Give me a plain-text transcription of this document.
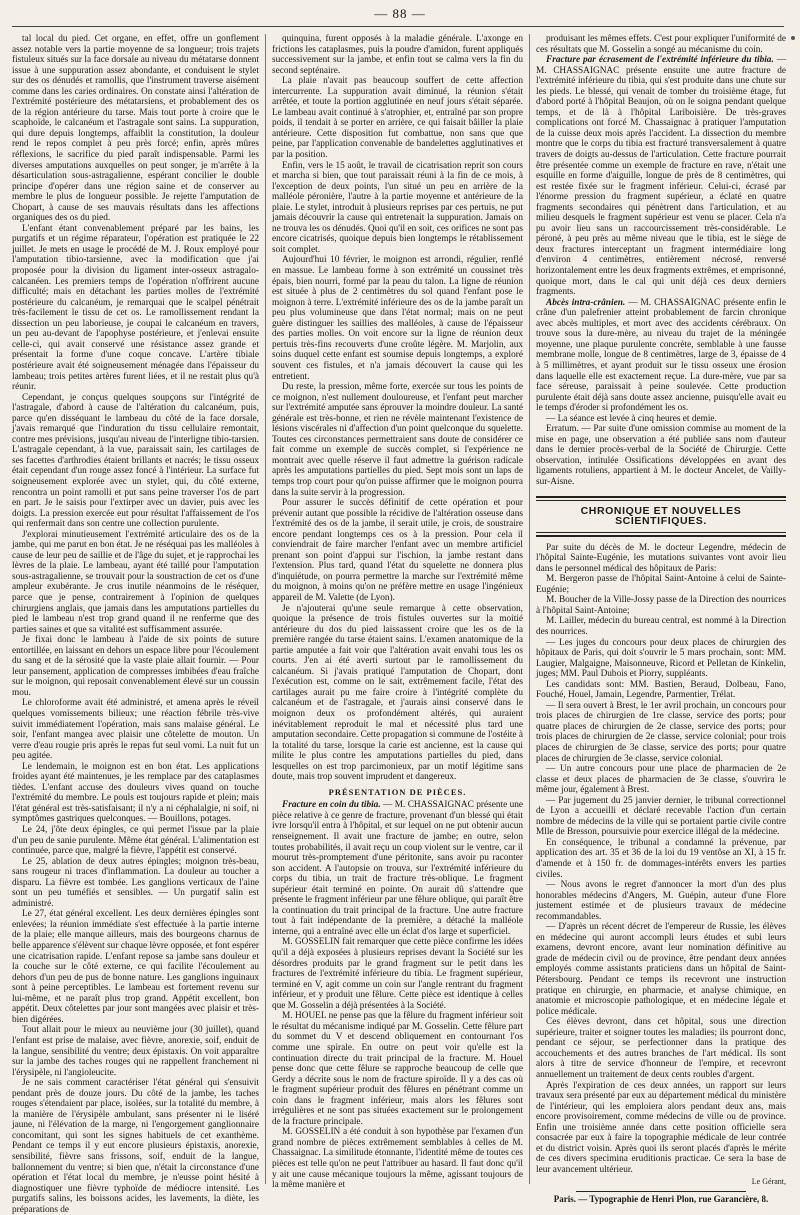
— 88 —

tal local du pied. Cet organe, en effet, offre un gonflement assez notable vers la partie moyenne de sa longueur; trois trajets fistuleux situés sur la face dorsale au niveau du métatarse donnent issue à une suppuration assez abondante, et conduisent le stylet sur des os dénudés et ramollis, que l'instrument traverse aisément comme dans les caries ordinaires. On constate ainsi l'altération de l'extrémité postérieure des métatarsiens, et probablement des os de la région antérieure du tarse. Mais tout porte à croire que le scaphoïde, le calcanéum et l'astragale sont sains. La suppuration, qui dure depuis longtemps, affaiblit la constitution, la douleur rend le repos complet à peu près forcé; enfin, après mûres réflexions, le sacrifice du pied paraît indispensable. Parmi les diverses amputations auxquelles on peut songer, je m'arrête à la désarticulation sous-astragalienne, espérant concilier le double principe d'opérer dans une région saine et de conserver au membre le plus de longueur possible. Je rejette l'amputation de Chopart, à cause de ses mauvais résultats dans les affections organiques des os du pied.

L'enfant étant convenablement préparé par les bains, les purgatifs et un régime réparateur, l'opération est pratiquée le 22 juillet. Je mets en usage le procédé de M. J. Roux employé pour l'amputation tibio-tarsienne, avec la modification que j'ai proposée pour la division du ligament inter-osseux astragalo-calcanéen. Les premiers temps de l'opération n'offrirent aucune difficulté; mais en détachant les parties molles de l'extrémité postérieure du calcanéum, je remarquai que le scalpel pénétrait très-facilement le tissu de cet os. Le ramollissement rendant la dissection un peu laborieuse, je coupai le calcanéum en travers, un peu au-devant de l'apophyse postérieure, et j'enlevai ensuite celle-ci, qui avait conservé une résistance assez grande et présentait la forme d'une coque concave. L'artère tibiale postérieure avait été soigneusement ménagée dans l'épaisseur du lambeau; trois petites artères furent liées, et il ne restait plus qu'à réunir.

Cependant, je conçus quelques soupçons sur l'intégrité de l'astragale, d'abord à cause de l'altération du calcanéum, puis, parce qu'en disséquant le lambeau du côté de la face dorsale, j'avais remarqué que l'induration du tissu cellulaire remontait, contre mes prévisions, jusqu'au niveau de l'interligne tibio-tarsien. L'astragale cependant, à la vue, paraissait sain, les cartilages de ses facettes d'arthrodies étaient brillants et nacrés; le tissu osseux était cependant d'un rouge assez foncé à l'intérieur. La surface fut soigneusement explorée avec un stylet, qui, du côté externe, rencontra un point ramolli et put sans peine traverser l'os de part en part. Je le saisis pour l'extirper avec un davier, puis avec les doigts. La pression exercée eut pour résultat l'affaissement de l'os qui renfermait dans son centre une collection purulente.

J'explorai minutieusement l'extrémité articulaire des os de la jambe, qui me parut en bon état. Je ne réséquai pas les malléoles à cause de leur peu de saillie et de l'âge du sujet, et je rapprochai les lèvres de la plaie. Le lambeau, ayant été taillé pour l'amputation sous-astragalienne, se trouvait pour la soustraction de cet os d'une ampleur exubérante. Je crus inutile néanmoins de le réséquer, parce que je pense, contrairement à l'opinion de quelques chirurgiens anglais, que jamais dans les amputations partielles du pied le lambeau n'est trop grand quand il ne renferme que des parties saines et que sa vitalité est suffisamment assurée.

Je fixai donc le lambeau à l'aide de six points de suture entortillée, en laissant en dehors un espace libre pour l'écoulement du sang et de la sérosité que la vaste plaie allait fournir. — Pour leur pansement, application de compresses imbibées d'eau fraîche sur le moignon, qui reposait convenablement élevé sur un coussin mou.

Le chloroforme avait été administré, et amena après le réveil quelques vomissements bilieux; une réaction fébrile très-vive suivit immédiatement l'opération, mais sans malaise général. Le soir, l'enfant mangea avec plaisir une côtelette de mouton. Un verre d'eau rougie pris après le repas fut seul vomi. La nuit fut un peu agitée.

Le lendemain, le moignon est en bon état. Les applications froides ayant été maintenues, je les remplace par des cataplasmes tièdes. L'enfant accuse des douleurs vives quand on touche l'extrémité du membre. Le pouls est toujours rapide et plein; mais l'état général est très-satisfaisant; il n'y a ni céphalalgie, ni soif, ni symptômes gastriques quelconques. — Bouillons, potages.

Le 24, j'ôte deux épingles, ce qui permet l'issue par la plaie d'un peu de sanie purulente. Même état général. L'alimentation est continuée, parce que, malgré la fièvre, l'appétit est conservé.

Le 25, ablation de deux autres épingles; moignon très-beau, sans rougeur ni traces d'inflammation. La douleur au toucher a disparu. La fièvre est tombée. Les ganglions verticaux de l'aine sont un peu tuméfiés et sensibles. — Un purgatif salin est administré.

Le 27, état général excellent. Les deux dernières épingles sont enlevées; la réunion immédiate s'est effectuée à la partie interne de la plaie; elle manque ailleurs, mais des bourgeons charnus de belle apparence s'élèvent sur chaque lèvre opposée, et font espérer une cicatrisation rapide. L'enfant repose sa jambe sans douleur et la couche sur le côté externe, ce qui facilite l'écoulement au dehors d'un peu de pus de bonne nature. Les ganglions inguinaux sont à peine perceptibles. Le lambeau est fortement revenu sur lui-même, et ne paraît plus trop grand. Appétit excellent, bon appétit. Deux côtelettes par jour sont mangées avec plaisir et très-bien digérées.

Tout allait pour le mieux au neuvième jour (30 juillet), quand l'enfant est prise de malaise, avec fièvre, anorexie, soif, enduit de la langue, sensibilité du ventre; deux épistaxis. On voit apparaître sur la jambe des taches rouges qui ne rappellent franchement ni l'érysipèle, ni l'angioleucite.

Je ne sais comment caractériser l'état général qui s'ensuivit pendant près de douze jours. Du côté de la jambe, les taches rouges s'étendaient par place, isolées, sur la totalité du membre, à la manière de l'érysipèle ambulant, sans présenter ni le liséré jaune, ni l'élévation de la marge, ni l'engorgement ganglionnaire concomitant, qui sont les signes habituels de cet exanthème. Pendant ce temps il y eut encore plusieurs épistaxis, anorexie, sensibilité, fièvre sans frissons, soif, enduit de la langue, ballonnement du ventre; si bien que, n'était la circonstance d'une opération et l'état local du membre, je n'eusse point hésité à diagnostiquer une fièvre typhoïde de médiocre intensité. Les purgatifs salins, les boissons acides, les lavements, la diète, les préparations de

quinquina, furent opposés à la maladie générale. L'axonge en frictions les cataplasmes, puis la poudre d'amidon, furent appliqués successivement sur la jambe, et enfin tout se calma vers la fin du second septénaire.

La plaie n'avait pas beaucoup souffert de cette affection intercurrente. La suppuration avait diminué, la réunion s'était arrêtée, et toute la portion agglutinée en neuf jours s'était séparée. Le lambeau avait continué à s'atrophier, et, entraîné par son propre poids, il tendait à se porter en arrière, ce qui faisait bâiller la plaie antérieure. Cette disposition fut combattue, non sans que que peine, par l'application convenable de bandelettes agglutinatives et par la position.

Enfin, vers le 15 août, le travail de cicatrisation reprit son cours et marcha si bien, que tout paraissait réuni à la fin de ce mois, à l'exception de deux points, l'un situé un peu en arrière de la malléole péronière, l'autre à la partie moyenne et antérieure de la plaie. Le stylet, introduit à plusieurs reprises par ces pertuis, ne put jamais découvrir la cause qui entretenait la suppuration. Jamais on ne trouva les os dénudés. Quoi qu'il en soit, ces orifices ne sont pas encore cicatrisés, quoique depuis bien longtemps le rétablissement soit complet.

Aujourd'hui 10 février, le moignon est arrondi, régulier, renflé en massue. Le lambeau forme à son extrémité un coussinet très épais, bien nourri, formé par la peau du talon. La ligne de réunion est située à plus de 2 centimètres du sol quand l'enfant pose le moignon à terre. L'extrémité inférieure des os de la jambe paraît un peu plus volumineuse que dans l'état normal; mais on ne peut guère distinguer les saillies des malléoles, à cause de l'épaisseur des parties molles. On voit encore sur la ligne de réunion deux pertuis très-fins recouverts d'une croûte légère. M. Marjolin, aux soins duquel cette enfant est soumise depuis longtemps, a exploré souvent ces fistules, et n'a jamais découvert la cause qui les entretient.

Du reste, la pression, même forte, exercée sur tous les points de ce moignon, n'est nullement douloureuse, et l'enfant peut marcher sur l'extrémité amputée sans éprouver la moindre douleur. La santé générale est très-bonne, et rien ne révèle maintenant l'existence de lésions viscérales ni d'affection d'un point quelconque du squelette. Toutes ces circonstances permettraient sans doute de considérer ce fait comme un exemple de succès complet, si l'expérience ne montrait avec quelle réserve il faut admettre la guérison radicale après les amputations partielles du pied. Sept mois sont un laps de temps trop court pour qu'on puisse affirmer que le moignon pourra dans la suite servir à la progression.

Pour assurer le succès définitif de cette opération et pour prévenir autant que possible la récidive de l'altération osseuse dans l'extrémité des os de la jambe, il serait utile, je crois, de soustraire encore pendant longtemps ces os à la pression. Pour cela il conviendrait de faire marcher l'enfant avec un membre artificiel prenant son point d'appui sur l'ischion, la jambe restant dans l'extension. Plus tard, quand l'état du squelette ne donnera plus d'inquiétude, on pourra permettre la marche sur l'extrémité même du moignon, à moins qu'on ne préfère mettre en usage l'ingénieux appareil de M. Valette (de Lyon).

Je n'ajouterai qu'une seule remarque à cette observation, quoique la présence de trois fistules ouvertes sur la moitié antérieure du dos du pied laissassent croire que les os de la première rangée du tarse étaient sains. L'examen anatomique de la partie amputée a fait voir que l'altération avait envahi tous les os courts. J'en ai été averti surtout par le ramollissement du calcanéum. Si j'avais pratiqué l'amputation de Chopart, dont l'exécution est, comme on le sait, extrêmement facile, l'état des cartilages aurait pu me faire croire à l'intégrité complète du calcanéum et de l'astragale, et j'aurais ainsi conservé dans le moignon deux os profondément altérés, qui auraient inévitablement reproduit le mal et nécessité plus tard une amputation secondaire. Cette propagation si commune de l'ostéite à la totalité du tarse, lorsque la carie est ancienne, est la cause qui milite le plus contre les amputations partielles du pied, dans lesquelles on est trop parcimonieux, par un motif légitime sans doute, mais trop souvent imprudent et dangereux.

PRÉSENTATION DE PIÈCES.

Fracture en coin du tibia. — M. CHASSAIGNAC présente une pièce relative à ce genre de fracture, provenant d'un blessé qui était ivre lorsqu'il entra à l'hôpital, et sur lequel on ne put obtenir aucun renseignement. Il avait une fracture de jambe; en outre, selon toutes probabilités, il avait reçu un coup violent sur le ventre, car il mourut très-promptement d'une péritonite, sans avoir pu raconter son accident. A l'autopsie on trouva, sur l'extrémité inférieure du corps du tibia, un trait de fracture très-oblique. Le fragment supérieur était terminé en pointe. On aurait dû s'attendre que présente le fragment inférieur par une fêlure oblique, qui paraît être la continuation du trait principal de la fracture. Une autre fracture tout à fait indépendante de la première, a détaché la malléole interne, qui a entraîné avec elle un éclat d'os large et superficiel.

M. GOSSELIN fait remarquer que cette pièce confirme les idées qu'il a déjà exposées à plusieurs reprises devant la Société sur les désordres produits par le grand fragment sur le petit dans les fractures de l'extrémité inférieure du tibia. Le fragment supérieur, terminé en V, agit comme un coin sur l'angle rentrant du fragment inférieur, et y produit une fêlure. Cette pièce est identique à celles que M. Gosselin a déjà présentées à la Société.

M. HOUEL ne pense pas que la fêlure du fragment inférieur soit le résultat du mécanisme indiqué par M. Gosselin. Cette fêlure part du sommet du V et descend obliquement en contournant l'os comme une spirale. En outre on peut voir qu'elle est la continuation directe du trait principal de la fracture. M. Houel pense donc que cette fêlure se rapproche beaucoup de celle que Gerdy a décrite sous le nom de fracture spiroïde. Il y a des cas où le fragment supérieur produit des fêlures en pénétrant comme un coin dans le fragment inférieur, mais alors les fêlures sont irrégulières et ne sont pas situées exactement sur le prolongement de la fracture principale.

M. GOSSELIN a été conduit à son hypothèse par l'examen d'un grand nombre de pièces extrêmement semblables à celles de M. Chassaignac. La similitude étonnante, l'identité même de toutes ces pièces est telle qu'on ne peut l'attribuer au hasard. Il faut donc qu'il y ait une cause mécanique toujours la même, agissant toujours de la même manière et

produisant les mêmes effets. C'est pour expliquer l'uniformité de ces résultats que M. Gosselin a songé au mécanisme du coin.

Fracture par écrasement de l'extrémité inférieure du tibia. — M. CHASSAIGNAC présente ensuite une autre fracture de l'extrémité inférieure du tibia, qui s'est produite dans une chute sur les pieds. Le blessé, qui venait de tomber du troisième étage, fut d'abord porté à l'hôpital Beaujon, où on le soigna pendant quelque temps, et de là à l'hôpital Lariboisière. De très-graves complications ont forcé M. Chassaignac à pratiquer l'amputation de la cuisse deux mois après l'accident. La dissection du membre montre que le corps du tibia est fracturé transversalement à quatre travers de doigts au-dessus de l'articulation. Cette fracture pourrait être présentée comme un exemple de fracture en rave, n'était une esquille en forme d'aiguille, longue de près de 8 centimètres, qui est restée fixée sur le fragment inférieur. Celui-ci, écrasé par l'énorme pression du fragment supérieur, a éclaté en quatre fragments secondaires qui pénètrent dans l'articulation, et au milieu desquels le fragment supérieur est venu se placer. Cela n'a pu avoir lieu sans un raccourcissement très-considérable. Le péroné, à peu près au même niveau que le tibia, est le siège de deux fractures interceptant un fragment intermédiaire long d'environ 4 centimètres, entièrement nécrosé, renversé horizontalement entre les deux fragments extrêmes, et emprisonné, quoique mort, dans le cal qui unit déjà ces deux derniers fragments.

Abcès intra-crânien. — M. CHASSAIGNAC présente enfin le crâne d'un palefrenier atteint probablement de farcin chronique avec abcès multiples, et mort avec des accidents cérébraux. On trouve sous la dure-mère, au niveau du trajet de la méningée moyenne, une plaque purulente concrète, semblable à une fausse membrane molle, longue de 8 centimètres, large de 3, épaisse de 4 à 5 millimètres, et ayant produit sur le tissu osseux une érosion dans laquelle elle est exactement reçue. La dure-mère, vue par sa face séreuse, paraissait à peine soulevée. Cette production purulente était déjà sans doute assez ancienne, puisqu'elle avait eu le temps d'éroder si profondément les os.

— La séance est levée à cinq heures et demie.

Erratum. — Par suite d'une omission commise au moment de la mise en page, une observation a été publiée sans nom d'auteur dans le dernier procès-verbal de la Société de Chirurgie. Cette observation, intitulée Ossifications développées en avant des ligaments rotuliens, appartient à M. le docteur Ancelet, de Vailly-sur-Aisne.

CHRONIQUE ET NOUVELLES SCIENTIFIQUES.

Par suite du décès de M. le docteur Legendre, médecin de l'hôpital Sainte-Eugénie, les mutations suivantes vont avoir lieu dans le personnel médical des hôpitaux de Paris:

M. Bergeron passe de l'hôpital Saint-Antoine à celui de Sainte-Eugénie;

M. Boucher de la Ville-Jossy passe de la Direction des nourrices à l'hôpital Saint-Antoine;

M. Lailler, médecin du bureau central, est nommé à la Direction des nourrices.

— Les juges du concours pour deux places de chirurgien des hôpitaux de Paris, qui doit s'ouvrir le 5 mars prochain, sont: MM. Laugier, Malgaigne, Maisonneuve, Ricord et Pelletan de Kinkelin, juges; MM. Paul Dubois et Piorry, suppléants.

Les candidats sont: MM. Bastien, Beraud, Dolbeau, Fano, Fouché, Houel, Jamain, Legendre, Parmentier, Trélat.

— Il sera ouvert à Brest, le 1er avril prochain, un concours pour trois places de chirurgien de 1re classe, service des ports; pour quatre places de chirurgien de 2e classe, service des ports; pour trois places de chirurgien de 2e classe, service colonial; pour trois places de chirurgien de 3e classe, service des ports; pour quatre places de chirurgien de 3e classe, service colonial.

— Un autre concours pour une place de pharmacien de 2e classe et deux places de pharmacien de 3e classe, s'ouvrira le même jour, également à Brest.

— Par jugement du 25 janvier dernier, le tribunal correctionnel de Lyon a accueilli et déclaré recevable l'action d'un certain nombre de médecins de la ville qui se portaient partie civile contre Mlle de Bresson, poursuivie pour exercice illégal de la médecine.

En conséquence, le tribunal a condamné la prévenue, par application des art. 35 et 36 de la loi du 19 ventôse an XI, à 15 fr. d'amende et à 150 fr. de dommages-intérêts envers les parties civiles.

— Nous avons le regret d'annoncer la mort d'un des plus honorables médecins d'Angers, M. Guépin, auteur d'une Flore justement estimée et de plusieurs travaux de médecine recommandables.

— D'après un récent décret de l'empereur de Russie, les élèves en médecine qui auront accompli leurs études et subi leurs examens, devront encore, avant leur nomination définitive au grade de médecin civil ou de province, être pendant deux années employés comme assistants praticiens dans un hôpital de Saint-Pétersbourg. Pendant ce temps ils recevront une instruction pratique en chirurgie, en pharmacie, et analyse chimique, en anatomie et microscopie pathologique, et en médecine légale et police médicale.

Ces élèves devront, dans cet hôpital, sous une direction supérieure, traiter et soigner toutes les maladies; ils pourront donc, pendant ce séjour, se perfectionner dans la pratique des accouchements et des autres branches de l'art médical. Ils sont alors à titre de service d'honneur de l'empire, et recevront annuellement un traitement de deux cents roubles d'argent.

Après l'expiration de ces deux années, un rapport sur leurs travaux sera présenté par eux au département médical du ministère de l'intérieur, qui les emploiera alors pendant deux ans, mais encore provisoirement, comme médecins de ville ou de province. Enfin une troisième année dans cette position officielle sera consacrée par eux à faire la topographie médicale de leur contrée et du district voisin. Après quoi ils seront placés d'après le mérite de ces divers specimina eruditionis practicae. Ce sera la base de leur avancement ultérieur.

Le Gérant,
Paris. — Typographie de Henri Plon, rue Garancière, 8.
